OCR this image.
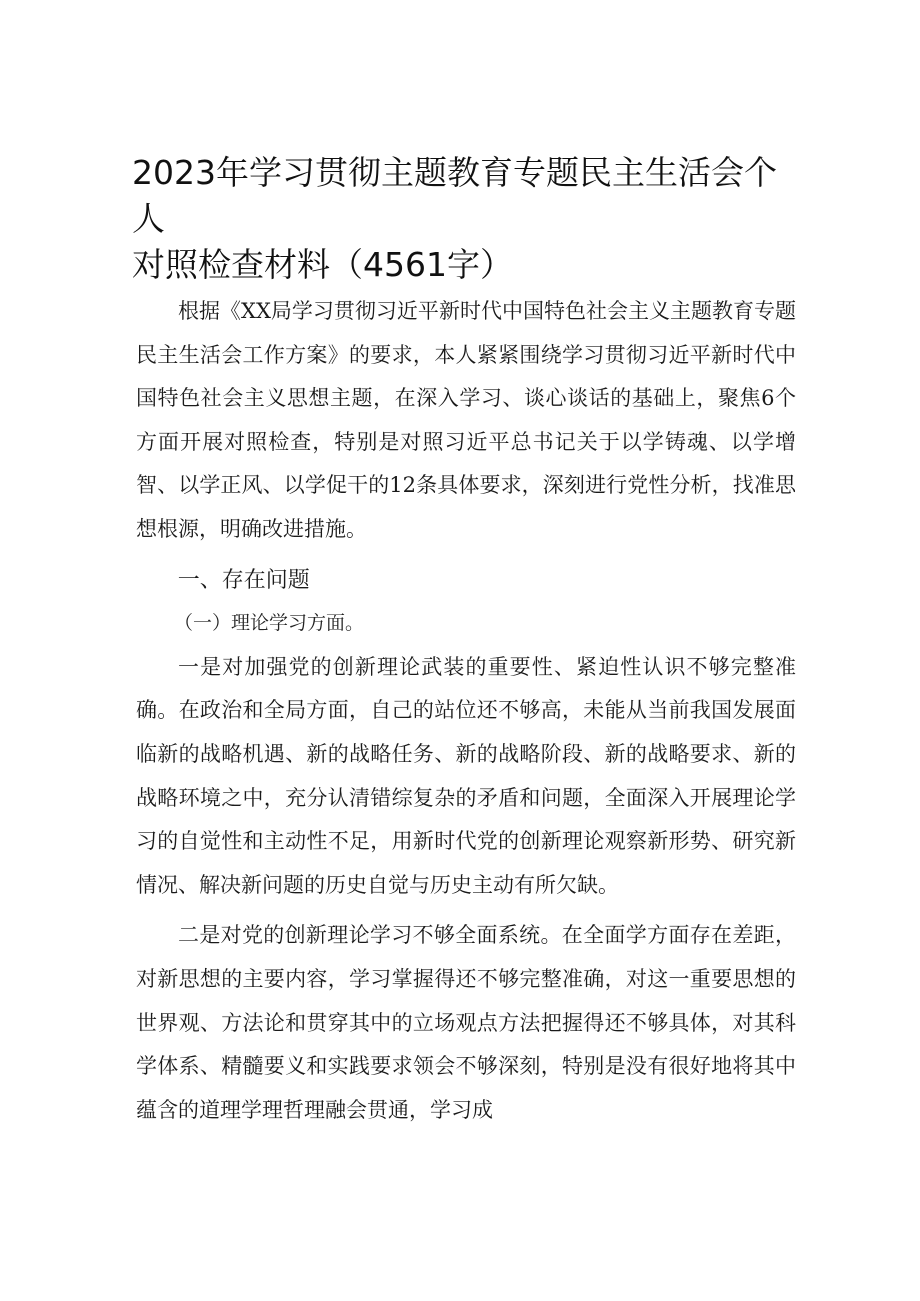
2023年学习贯彻主题教育专题民主生活会个人
对照检查材料（4561字）

根据《XX局学习贯彻习近平新时代中国特色社会主义主题教育专题民主生活会工作方案》的要求，本人紧紧围绕学习贯彻习近平新时代中国特色社会主义思想主题，在深入学习、谈心谈话的基础上，聚焦6个方面开展对照检查，特别是对照习近平总书记关于以学铸魂、以学增智、以学正风、以学促干的12条具体要求，深刻进行党性分析，找准思想根源，明确改进措施。

一、存在问题

（一）理论学习方面。

一是对加强党的创新理论武装的重要性、紧迫性认识不够完整准确。在政治和全局方面，自己的站位还不够高，未能从当前我国发展面临新的战略机遇、新的战略任务、新的战略阶段、新的战略要求、新的战略环境之中，充分认清错综复杂的矛盾和问题，全面深入开展理论学习的自觉性和主动性不足，用新时代党的创新理论观察新形势、研究新情况、解决新问题的历史自觉与历史主动有所欠缺。

二是对党的创新理论学习不够全面系统。在全面学方面存在差距，对新思想的主要内容，学习掌握得还不够完整准确，对这一重要思想的世界观、方法论和贯穿其中的立场观点方法把握得还不够具体，对其科学体系、精髓要义和实践要求领会不够深刻，特别是没有很好地将其中蕴含的道理学理哲理融会贯通，学习成
